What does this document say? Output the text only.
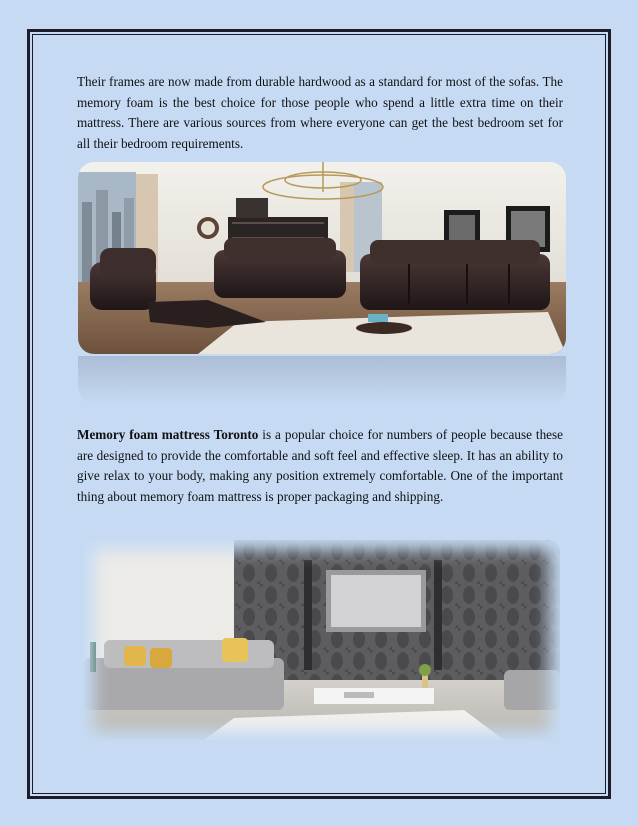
Their frames are now made from durable hardwood as a standard for most of the sofas. The memory foam is the best choice for those people who spend a little extra time on their mattress. There are various sources from where everyone can get the best bedroom set for all their bedroom requirements.

Memory foam mattress Toronto is a popular choice for numbers of people because these are designed to provide the comfortable and soft feel and effective sleep. It has an ability to give relax to your body, making any position extremely comfortable. One of the important thing about memory foam mattress is proper packaging and shipping.
